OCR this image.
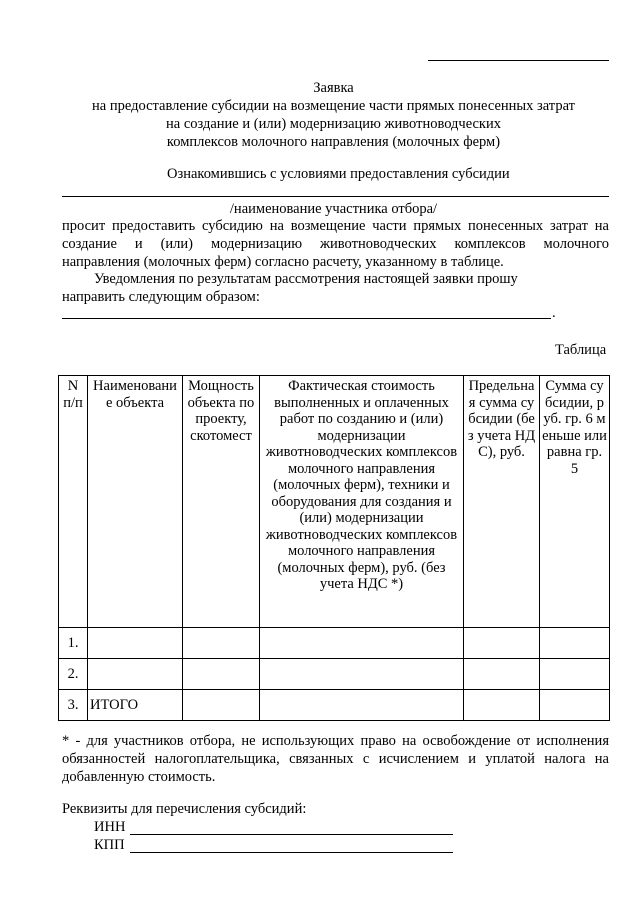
Заявка
на предоставление субсидии на возмещение части прямых понесенных затрат
на создание и (или) модернизацию животноводческих
комплексов молочного направления (молочных ферм)
Ознакомившись с условиями предоставления субсидии
/наименование участника отбора/
просит предоставить субсидию на возмещение части прямых понесенных затрат на
создание и (или) модернизацию животноводческих комплексов молочного
направления (молочных ферм) согласно расчету, указанному в таблице.
Уведомления по результатам рассмотрения настоящей заявки прошу
направить следующим образом:
.
Таблица
N п/п	Наименование объекта	Мощность объекта по проекту, скотомест	Фактическая стоимость выполненных и оплаченных работ по созданию и (или) модернизации животноводческих комплексов молочного направления (молочных ферм), техники и оборудования для создания и (или) модернизации животноводческих комплексов молочного направления (молочных ферм), руб. (без учета НДС *)	Предельная сумма субсидии (без учета НДС), руб.	Сумма субсидии, руб. гр. 6 меньше или равна гр. 5
1.					
2.					
3.	ИТОГО				
* - для участников отбора, не использующих право на освобождение от исполнения
обязанностей налогоплательщика, связанных с исчислением и уплатой налога на
добавленную стоимость.
Реквизиты для перечисления субсидий:
ИНН
КПП
